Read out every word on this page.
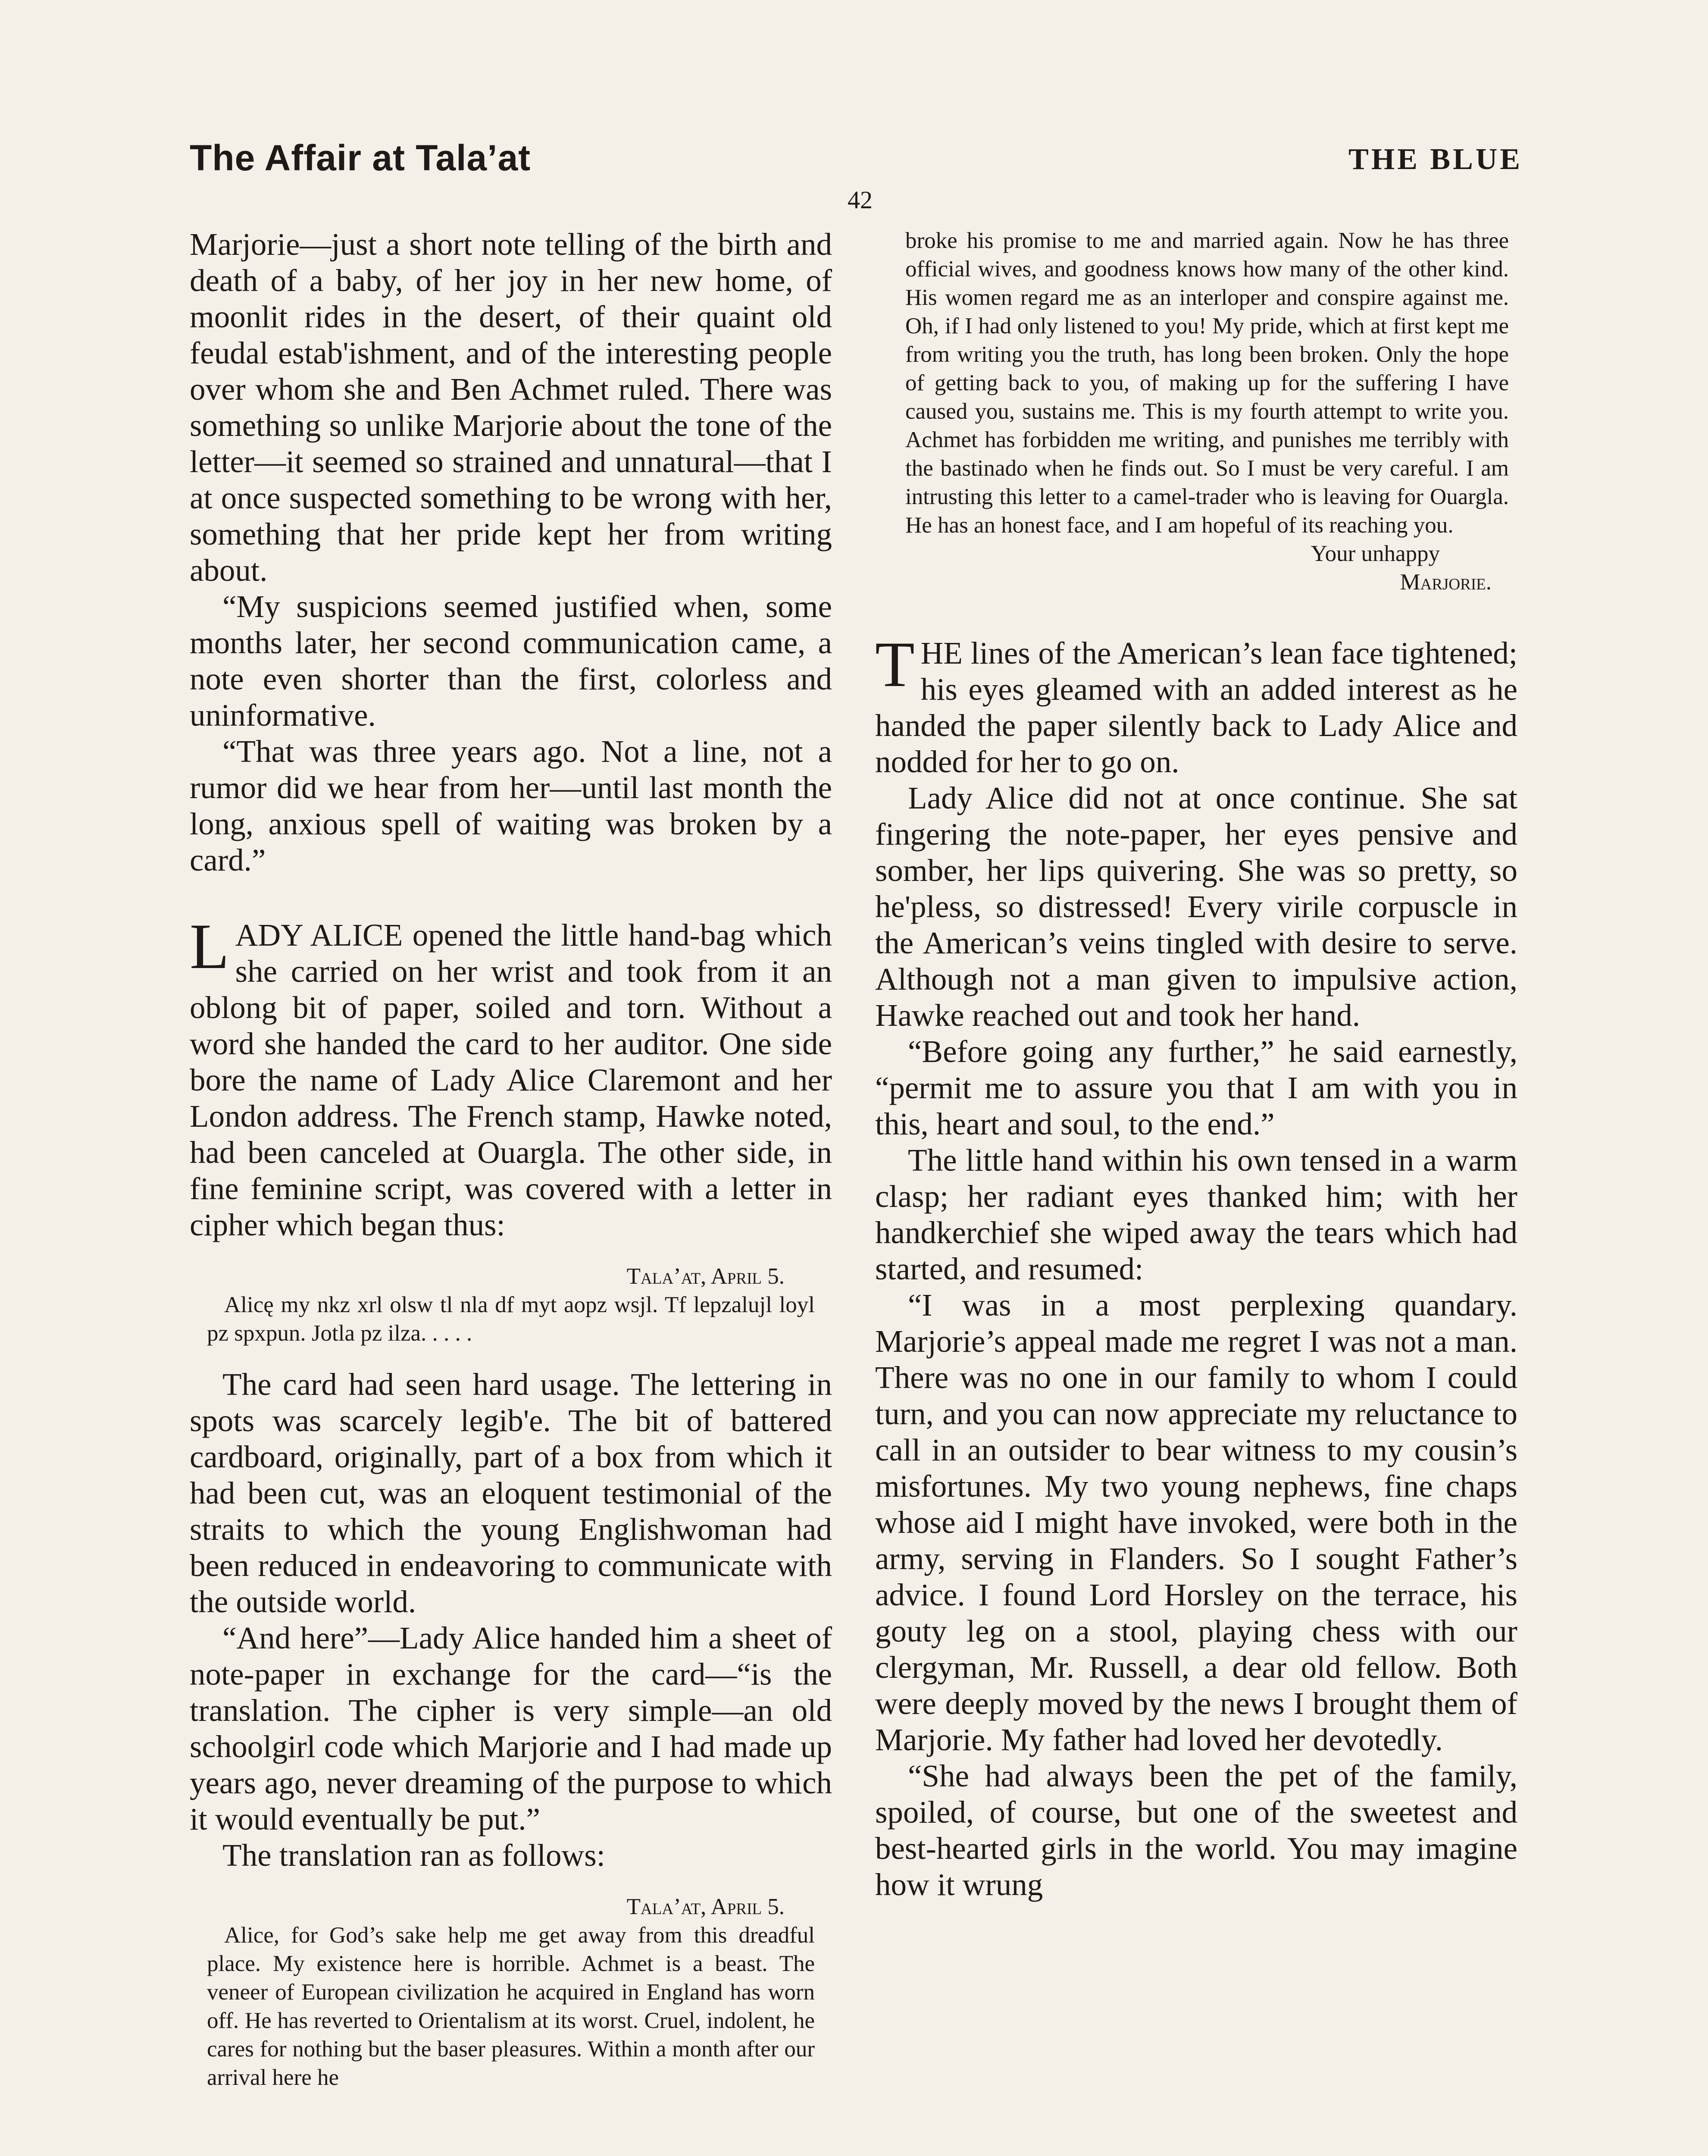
The Affair at Tala’at	THE BLUE
42

Marjorie—just a short note telling of the birth and death of a baby, of her joy in her new home, of moonlit rides in the desert, of their quaint old feudal estab'ishment, and of the interesting people over whom she and Ben Achmet ruled. There was something so unlike Marjorie about the tone of the letter—it seemed so strained and unnatural—that I at once suspected something to be wrong with her, something that her pride kept her from writing about.

“My suspicions seemed justified when, some months later, her second communication came, a note even shorter than the first, colorless and uninformative.

“That was three years ago. Not a line, not a rumor did we hear from her—until last month the long, anxious spell of waiting was broken by a card.”

LADY ALICE opened the little hand-bag which she carried on her wrist and took from it an oblong bit of paper, soiled and torn. Without a word she handed the card to her auditor. One side bore the name of Lady Alice Claremont and her London address. The French stamp, Hawke noted, had been canceled at Ouargla. The other side, in fine feminine script, was covered with a letter in cipher which began thus:

Tala’at, April 5.

Alicę my nkz xrl olsw tl nla df myt aopz wsjl. Tf lepzalujl loyl pz spxpun. Jotla pz ilza. . . . .

The card had seen hard usage. The lettering in spots was scarcely legib'e. The bit of battered cardboard, originally, part of a box from which it had been cut, was an eloquent testimonial of the straits to which the young Englishwoman had been reduced in endeavoring to communicate with the outside world.

“And here”—Lady Alice handed him a sheet of note-paper in exchange for the card—“is the translation. The cipher is very simple—an old schoolgirl code which Marjorie and I had made up years ago, never dreaming of the purpose to which it would eventually be put.”

The translation ran as follows:

Tala’at, April 5.

Alice, for God’s sake help me get away from this dreadful place. My existence here is horrible. Achmet is a beast. The veneer of European civilization he acquired in England has worn off. He has reverted to Orientalism at its worst. Cruel, indolent, he cares for nothing but the baser pleasures. Within a month after our arrival here he

broke his promise to me and married again. Now he has three official wives, and goodness knows how many of the other kind. His women regard me as an interloper and conspire against me. Oh, if I had only listened to you! My pride, which at first kept me from writing you the truth, has long been broken. Only the hope of getting back to you, of making up for the suffering I have caused you, sustains me. This is my fourth attempt to write you. Achmet has forbidden me writing, and punishes me terribly with the bastinado when he finds out. So I must be very careful. I am intrusting this letter to a camel-trader who is leaving for Ouargla. He has an honest face, and I am hopeful of its reaching you.

Your unhappy

Marjorie.

THE lines of the American’s lean face tightened; his eyes gleamed with an added interest as he handed the paper silently back to Lady Alice and nodded for her to go on.

Lady Alice did not at once continue. She sat fingering the note-paper, her eyes pensive and somber, her lips quivering. She was so pretty, so he'pless, so distressed! Every virile corpuscle in the American’s veins tingled with desire to serve. Although not a man given to impulsive action, Hawke reached out and took her hand.

“Before going any further,” he said earnestly, “permit me to assure you that I am with you in this, heart and soul, to the end.”

The little hand within his own tensed in a warm clasp; her radiant eyes thanked him; with her handkerchief she wiped away the tears which had started, and resumed:

“I was in a most perplexing quandary. Marjorie’s appeal made me regret I was not a man. There was no one in our family to whom I could turn, and you can now appreciate my reluctance to call in an outsider to bear witness to my cousin’s misfortunes. My two young nephews, fine chaps whose aid I might have invoked, were both in the army, serving in Flanders. So I sought Father’s advice. I found Lord Horsley on the terrace, his gouty leg on a stool, playing chess with our clergyman, Mr. Russell, a dear old fellow. Both were deeply moved by the news I brought them of Marjorie. My father had loved her devotedly.

“She had always been the pet of the family, spoiled, of course, but one of the sweetest and best-hearted girls in the world. You may imagine how it wrung
